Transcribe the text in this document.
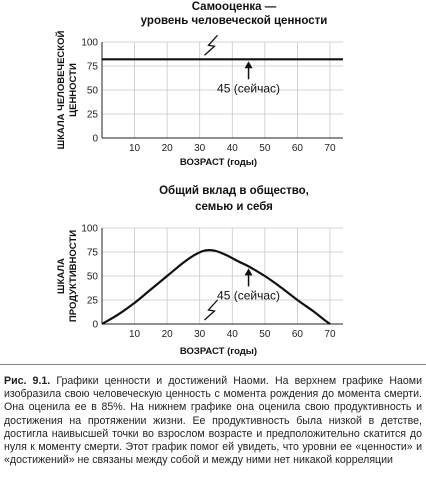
Самооценка —
уровень человеческой ценности
0
25
50
75
100
10 20 30 40 50 60 70
ВОЗРАСТ (годы)
ШКАЛА ЧЕЛОВЕЧЕСКОЙ ЦЕННОСТИ	45 (сейчас)
Общий вклад в общество,
семью и себя
0
25
50
75
100
10 20 30 40 50 60 70
ВОЗРАСТ (годы)
ШКАЛА ПРОДУКТИВНОСТИ	45 (сейчас)
Рис. 9.1. Графики ценности и достижений Наоми. На верхнем графике Наоми изобразила свою человеческую ценность с момента рождения до момента смерти. Она оценила ее в 85%. На нижнем графике она оценила свою продуктивность и достижения на протяжении жизни. Ее продуктивность была низкой в детстве, достигла наивысшей точки во взрослом возрасте и предположительно скатится до нуля к моменту смерти. Этот график помог ей увидеть, что уровни ее «ценности» и «достижений» не связаны между собой и между ними нет никакой корреляции
